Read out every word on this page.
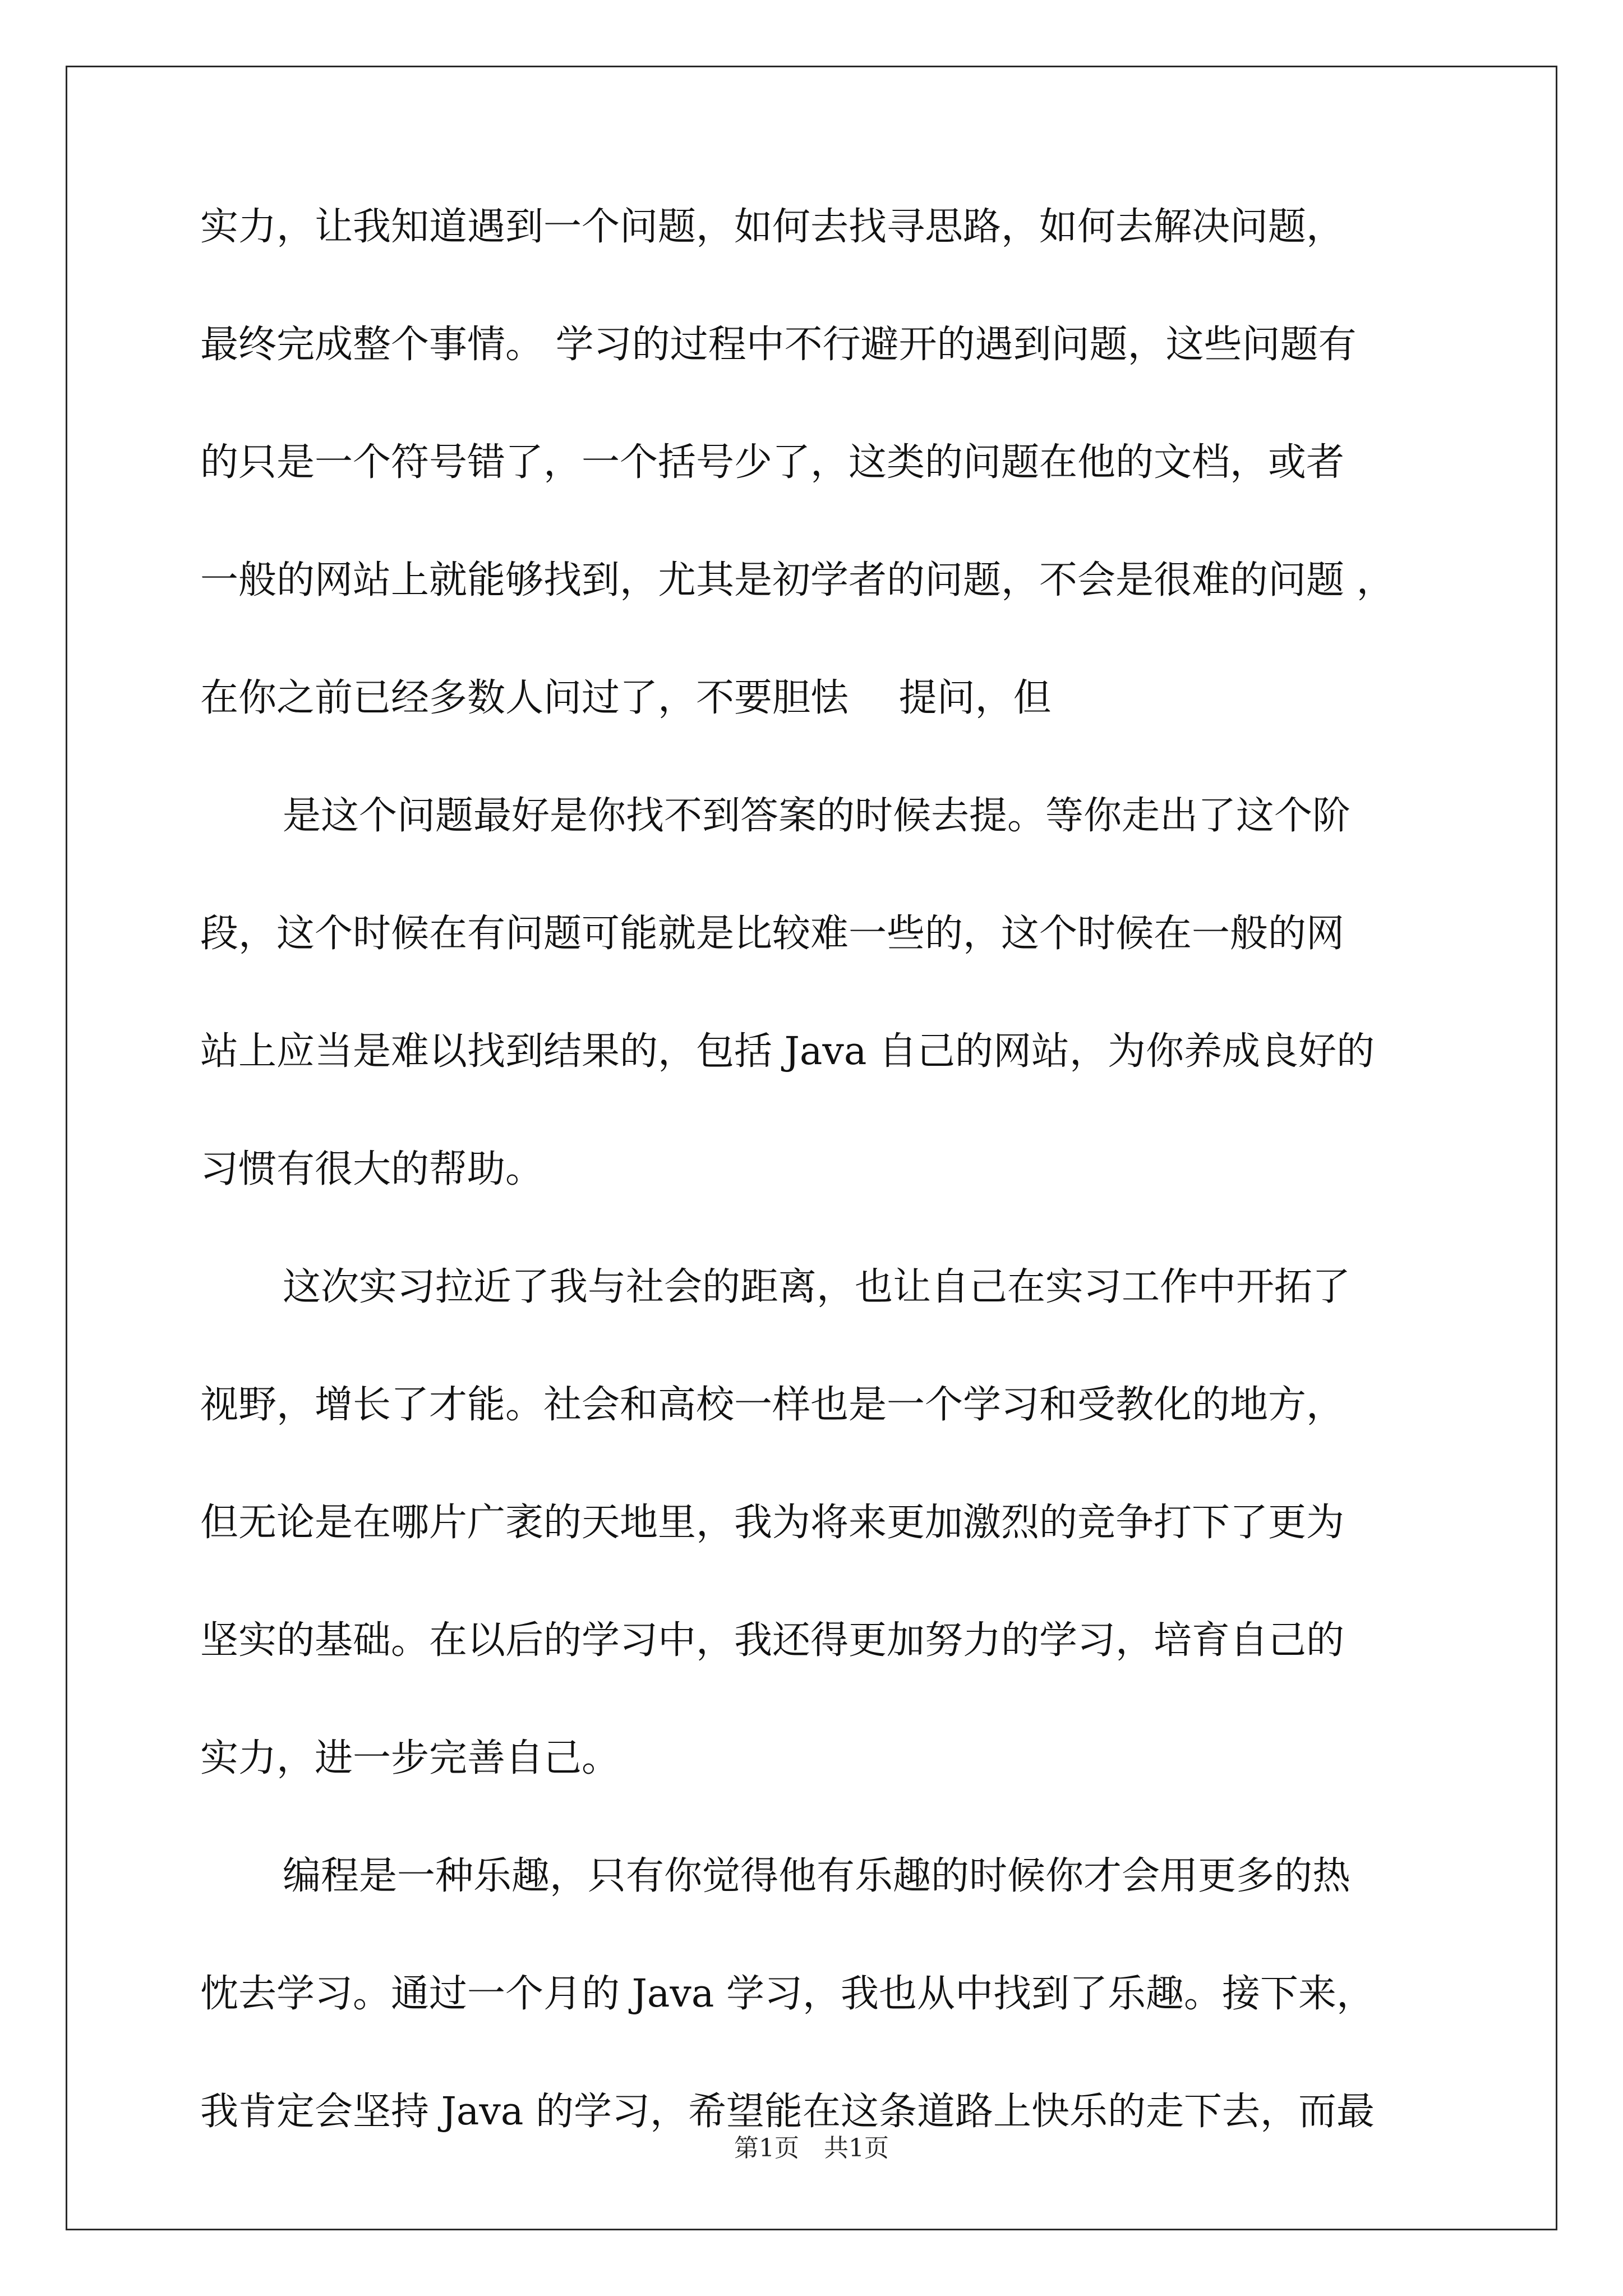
实力，让我知道遇到一个问题，如何去找寻思路，如何去解决问题，
最终完成整个事情。 学习的过程中不行避开的遇到问题，这些问题有
的只是一个符号错了，一个括号少了，这类的问题在他的文档，或者
一般的网站上就能够找到，尤其是初学者的问题，不会是很难的问题 ，
在你之前已经多数人问过了，不要胆怯　 提问，但
是这个问题最好是你找不到答案的时候去提。等你走出了这个阶
段，这个时候在有问题可能就是比较难一些的，这个时候在一般的网
站上应当是难以找到结果的，包括 Java 自己的网站，为你养成良好的
习惯有很大的帮助。
这次实习拉近了我与社会的距离，也让自己在实习工作中开拓了
视野，增长了才能。社会和高校一样也是一个学习和受教化的地方，
但无论是在哪片广袤的天地里，我为将来更加激烈的竞争打下了更为
坚实的基础。在以后的学习中，我还得更加努力的学习，培育自己的
实力，进一步完善自己。
编程是一种乐趣，只有你觉得他有乐趣的时候你才会用更多的热
忱去学习。通过一个月的 Java 学习，我也从中找到了乐趣。接下来，
我肯定会坚持 Java 的学习，希望能在这条道路上快乐的走下去，而最
第1页　共1页
